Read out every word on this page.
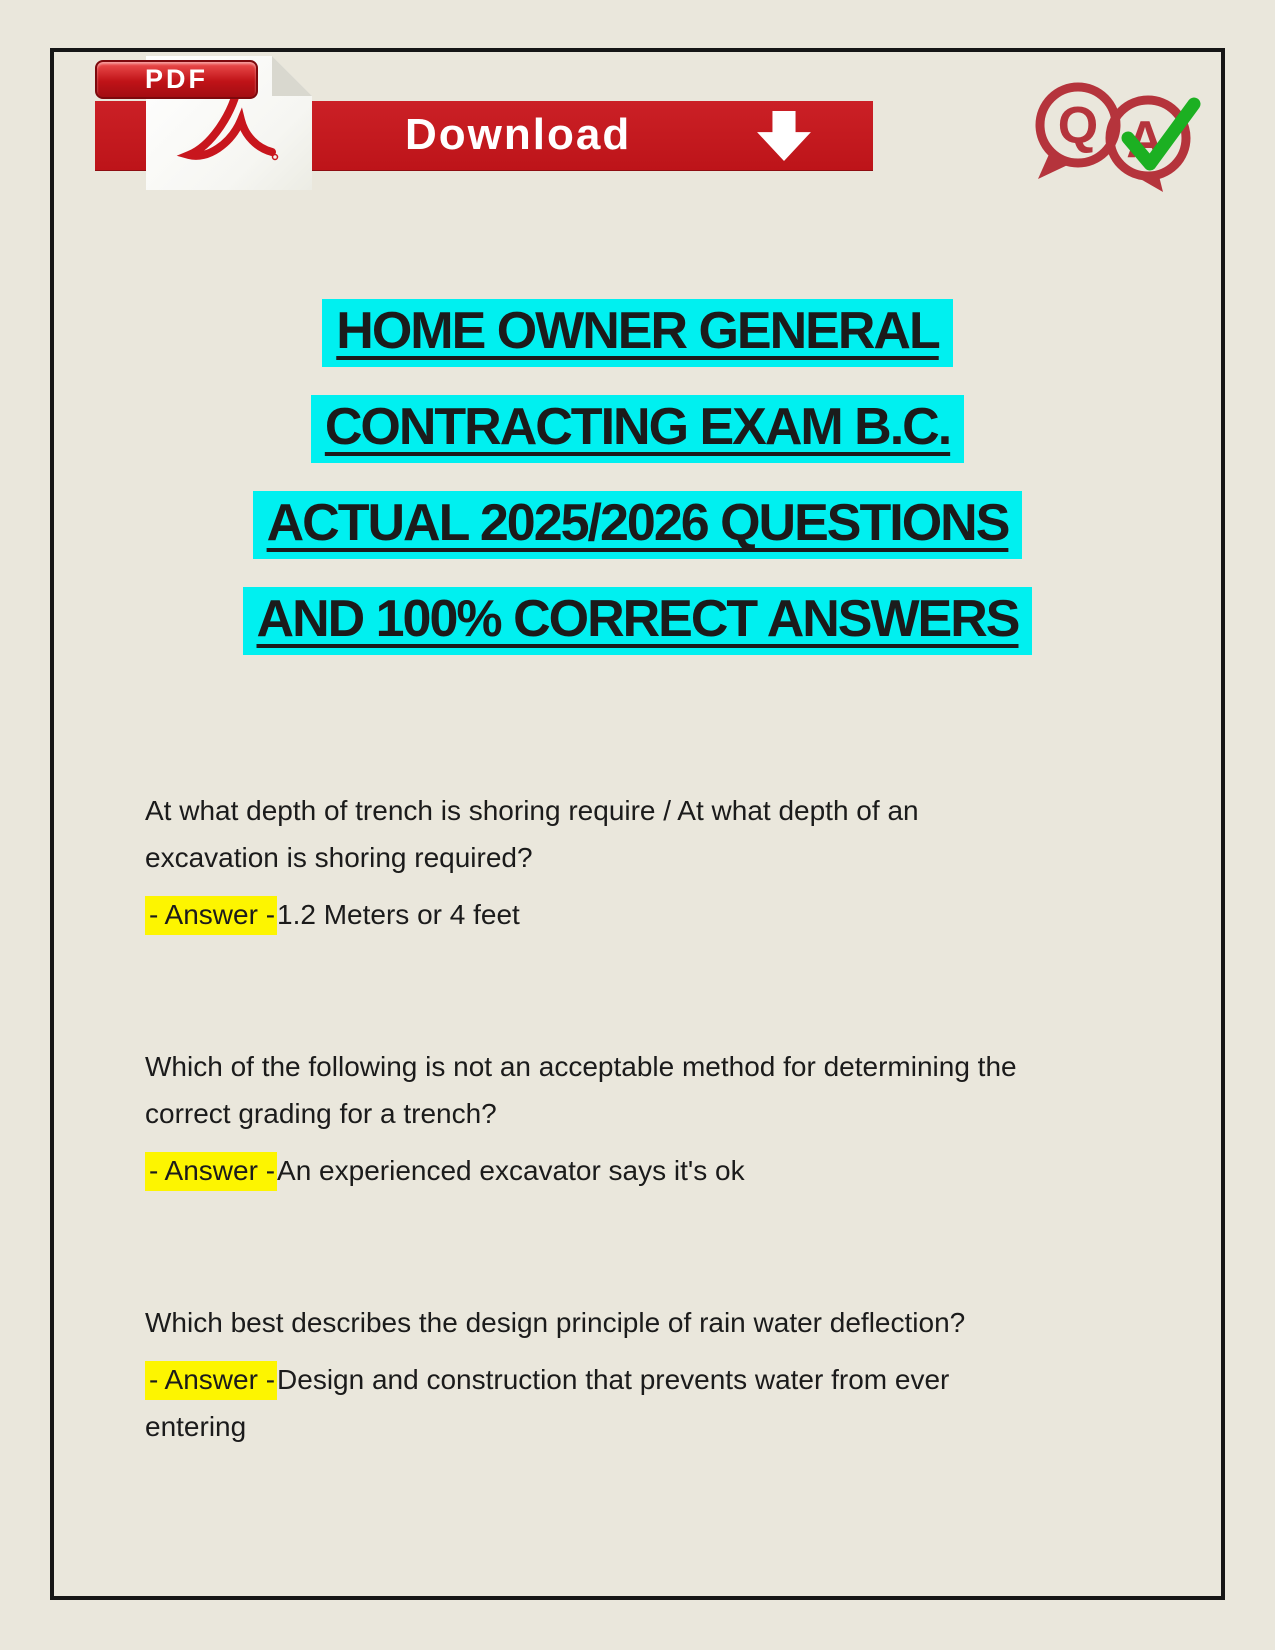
Download
PDF
Q A
HOME OWNER GENERAL
CONTRACTING EXAM B.C.
ACTUAL 2025/2026 QUESTIONS
AND 100% CORRECT ANSWERS
At what depth of trench is shoring require / At what depth of an
excavation is shoring required?
- Answer -1.2 Meters or 4 feet
Which of the following is not an acceptable method for determining the
correct grading for a trench?
- Answer -An experienced excavator says it's ok
Which best describes the design principle of rain water deflection?
- Answer -Design and construction that prevents water from ever
entering
